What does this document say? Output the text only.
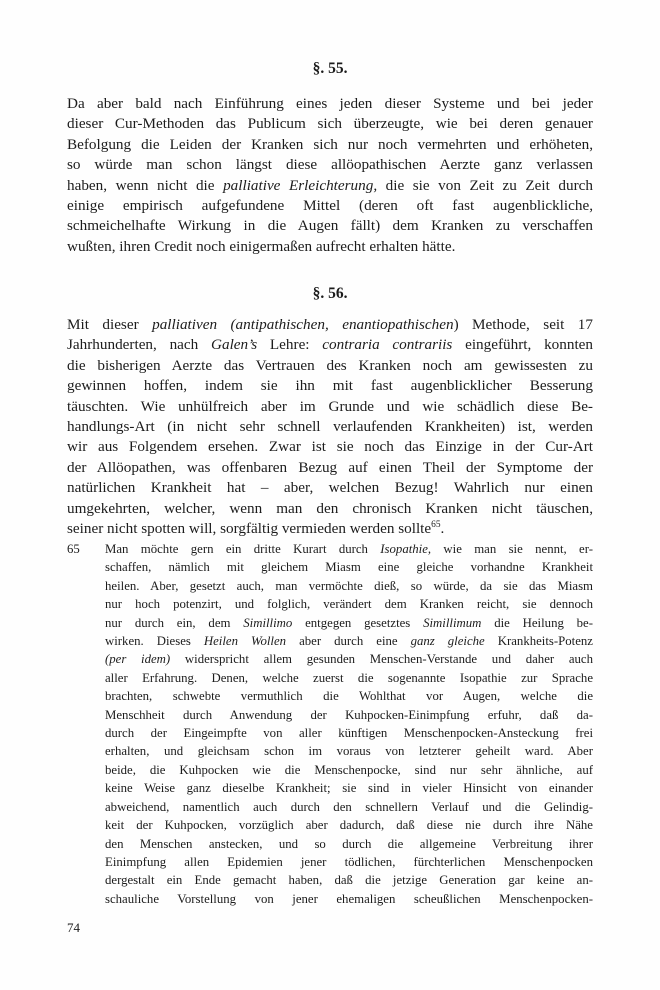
§. 55.
Da aber bald nach Einführung eines jeden dieser Systeme und bei jeder
dieser Cur-Methoden das Publicum sich überzeugte, wie bei deren genauer
Befolgung die Leiden der Kranken sich nur noch vermehrten und erhöheten,
so würde man schon längst diese allöopathischen Aerzte ganz verlassen
haben, wenn nicht die palliative Erleichterung, die sie von Zeit zu Zeit durch
einige empirisch aufgefundene Mittel (deren oft fast augenblickliche,
schmeichelhafte Wirkung in die Augen fällt) dem Kranken zu verschaffen
wußten, ihren Credit noch einigermaßen aufrecht erhalten hätte.
§. 56.
Mit dieser palliativen (antipathischen, enantiopathischen) Methode, seit 17
Jahrhunderten, nach Galen’s Lehre: contraria contrariis eingeführt, konnten
die bisherigen Aerzte das Vertrauen des Kranken noch am gewissesten zu
gewinnen hoffen, indem sie ihn mit fast augenblicklicher Besserung
täuschten. Wie unhülfreich aber im Grunde und wie schädlich diese Be-
handlungs-Art (in nicht sehr schnell verlaufenden Krankheiten) ist, werden
wir aus Folgendem ersehen. Zwar ist sie noch das Einzige in der Cur-Art
der Allöopathen, was offenbaren Bezug auf einen Theil der Symptome der
natürlichen Krankheit hat – aber, welchen Bezug! Wahrlich nur einen
umgekehrten, welcher, wenn man den chronisch Kranken nicht täuschen,
seiner nicht spotten will, sorgfältig vermieden werden sollte$^{65}$.
65 Man möchte gern ein dritte Kurart durch Isopathie, wie man sie nennt, er-
schaffen, nämlich mit gleichem Miasm eine gleiche vorhandne Krankheit
heilen. Aber, gesetzt auch, man vermöchte dieß, so würde, da sie das Miasm
nur hoch potenzirt, und folglich, verändert dem Kranken reicht, sie dennoch
nur durch ein, dem Simillimo entgegen gesetztes Simillimum die Heilung be-
wirken. Dieses Heilen Wollen aber durch eine ganz gleiche Krankheits-Potenz
(per idem) widerspricht allem gesunden Menschen-Verstande und daher auch
aller Erfahrung. Denen, welche zuerst die sogenannte Isopathie zur Sprache
brachten, schwebte vermuthlich die Wohlthat vor Augen, welche die
Menschheit durch Anwendung der Kuhpocken-Einimpfung erfuhr, daß da-
durch der Eingeimpfte von aller künftigen Menschenpocken-Ansteckung frei
erhalten, und gleichsam schon im voraus von letzterer geheilt ward. Aber
beide, die Kuhpocken wie die Menschenpocke, sind nur sehr ähnliche, auf
keine Weise ganz dieselbe Krankheit; sie sind in vieler Hinsicht von einander
abweichend, namentlich auch durch den schnellern Verlauf und die Gelindig-
keit der Kuhpocken, vorzüglich aber dadurch, daß diese nie durch ihre Nähe
den Menschen anstecken, und so durch die allgemeine Verbreitung ihrer
Einimpfung allen Epidemien jener tödlichen, fürchterlichen Menschenpocken
dergestalt ein Ende gemacht haben, daß die jetzige Generation gar keine an-
schauliche Vorstellung von jener ehemaligen scheußlichen Menschenpocken-
74
